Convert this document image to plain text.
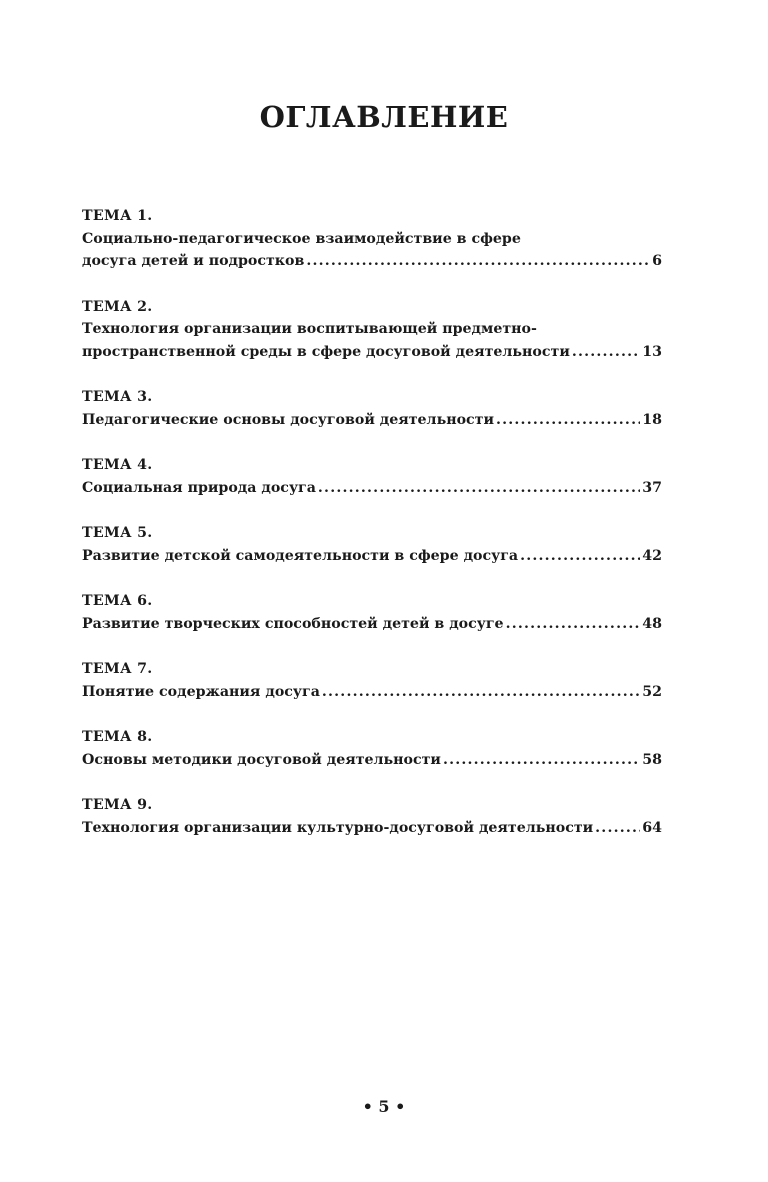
ОГЛАВЛЕНИЕ
ТЕМА 1.
Социально-педагогическое взаимодействие в сфере
досуга детей и подростков .....	6
ТЕМА 2.
Технология организации воспитывающей предметно-
пространственной среды в сфере досуговой деятельности .....	13
ТЕМА 3.
Педагогические основы досуговой деятельности .....	18
ТЕМА 4.
Социальная природа досуга .....	37
ТЕМА 5.
Развитие детской самодеятельности в сфере досуга .....	42
ТЕМА 6.
Развитие творческих способностей детей в досуге .....	48
ТЕМА 7.
Понятие содержания досуга .....	52
ТЕМА 8.
Основы методики досуговой деятельности .....	58
ТЕМА 9.
Технология организации культурно-досуговой деятельности .....	64
• 5 •
